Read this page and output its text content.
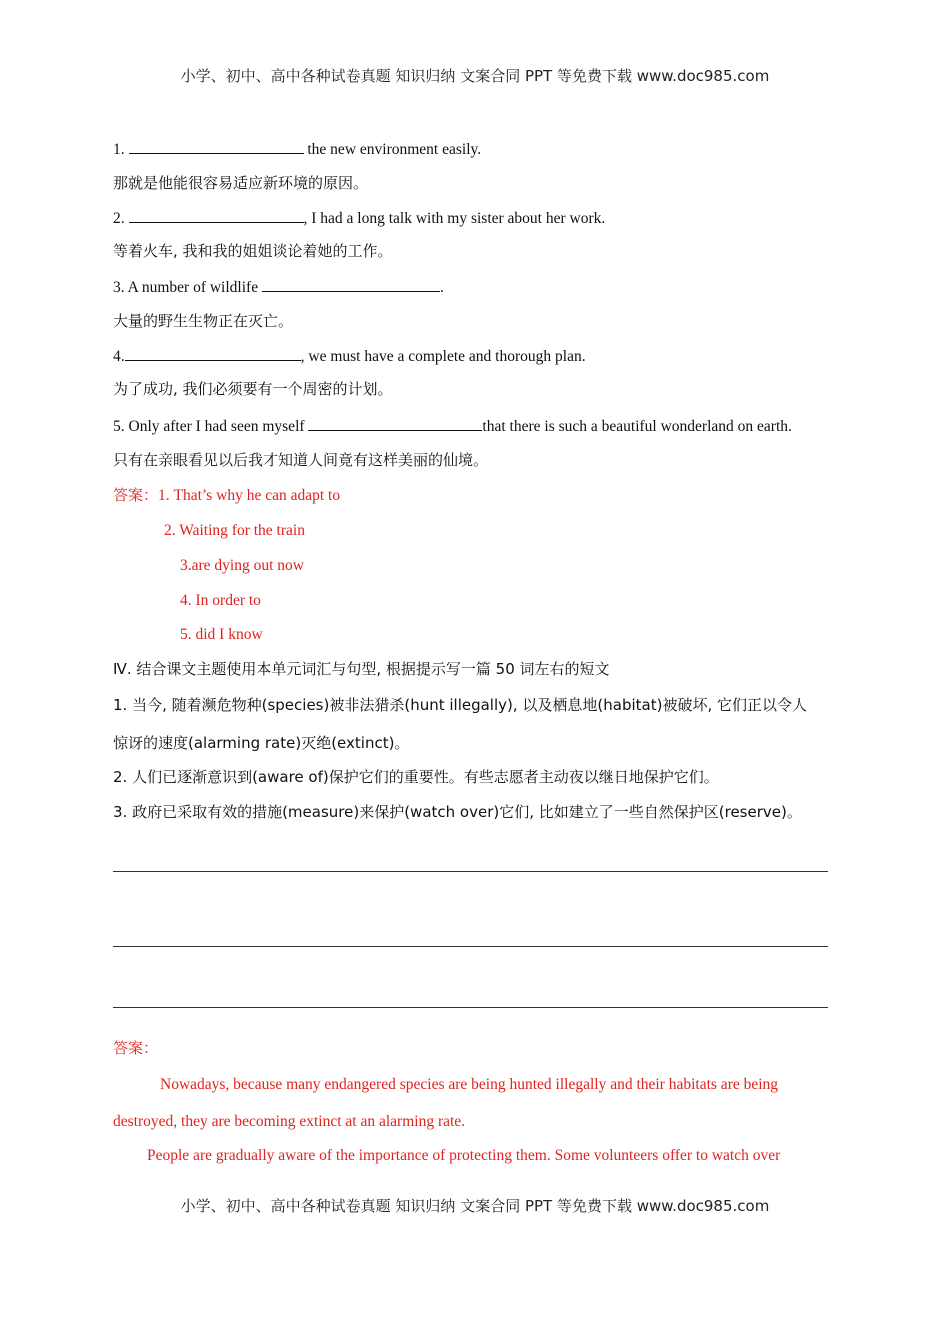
小学、初中、高中各种试卷真题 知识归纳 文案合同 PPT 等免费下载 www.doc985.com
1.	the new environment easily.
那就是他能很容易适应新环境的原因。
2.	, I had a long talk with my sister about her work.
等着火车, 我和我的姐姐谈论着她的工作。
3. A number of wildlife	.
大量的野生生物正在灭亡。
4.	, we must have a complete and thorough plan.
为了成功, 我们必须要有一个周密的计划。
5. Only after I had seen myself	that there is such a beautiful wonderland on earth.
只有在亲眼看见以后我才知道人间竟有这样美丽的仙境。
答案：1. That’s why he can adapt to
2. Waiting for the train
3.are dying out now
4. In order to
5. did I know
Ⅳ. 结合课文主题使用本单元词汇与句型, 根据提示写一篇 50 词左右的短文
1. 当今, 随着濒危物种(species)被非法猎杀(hunt illegally), 以及栖息地(habitat)被破坏, 它们正以令人
惊讶的速度(alarming rate)灭绝(extinct)。
2. 人们已逐渐意识到(aware of)保护它们的重要性。有些志愿者主动夜以继日地保护它们。
3. 政府已采取有效的措施(measure)来保护(watch over)它们, 比如建立了一些自然保护区(reserve)。
答案：
Nowadays, because many endangered species are being hunted illegally and their habitats are being
destroyed, they are becoming extinct at an alarming rate.
People are gradually aware of the importance of protecting them. Some volunteers offer to watch over
小学、初中、高中各种试卷真题 知识归纳 文案合同 PPT 等免费下载 www.doc985.com
